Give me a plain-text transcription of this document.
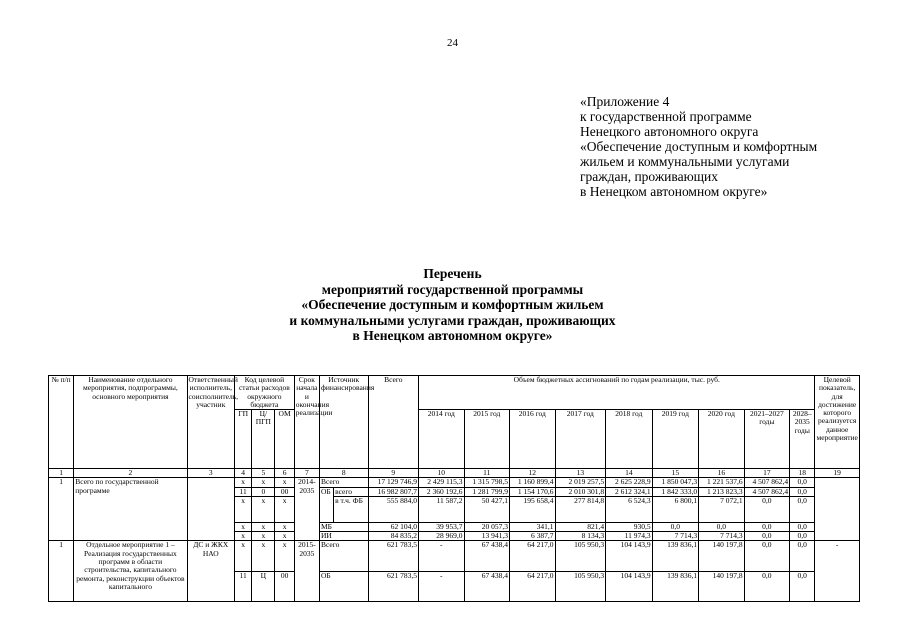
24
«Приложение 4
к государственной программе
Ненецкого автономного округа
«Обеспечение доступным и комфортным
жильем и коммунальными услугами
граждан, проживающих
в Ненецком автономном округе»
Перечень
мероприятий государственной программы
«Обеспечение доступным и комфортным жильем
и коммунальными услугами граждан, проживающих
в Ненецком автономном округе»
№ п/п	Наименование отдельного мероприятия, подпрограммы, основного мероприятия	Ответственный исполнитель, соисполнитель, участник	Код целевой статьи расходов окружного бюджета			Срок начала и окончания реализации	Источник финансирования		Всего	Объем бюджетных ассигнований по годам реализации, тыс. руб.									Целевой показатель, для достижение которого реализуется данное мероприятие
			ГП	Ц/ПГП	ОМ					2014 год	2015 год	2016 год	2017 год	2018 год	2019 год	2020 год	2021–2027 годы	2028–2035 годы	

1	2	3	4	5	6	7	8		9	10	11	12	13	14	15	16	17	18	19
1	Всего по государственной программе		х	х	х	2014-2035	Всего		17 129 746,9	2 429 115,3	1 315 798,5	1 160 899,4	2 019 257,5	2 625 228,9	1 850 047,3	1 221 537,6	4 507 862,4	0,0	
			11	0	00		ОБ	всего	16 982 807,7	2 360 192,6	1 281 799,9	1 154 170,6	2 010 301,8	2 612 324,1	1 842 333,0	1 213 823,3	4 507 862,4	0,0	
			х	х	х			в т.ч. ФБ	555 884,0	11 587,2	50 427,1	195 658,4	277 814,8	6 524,3	6 800,1	7 072,1	0,0	0,0	
			х	х	х		МБ		62 104,0	39 953,7	20 057,3	341,1	821,4	930,5	0,0	0,0	0,0	0,0	
			х	х	х		ИИ		84 835,2	28 969,0	13 941,3	6 387,7	8 134,3	11 974,3	7 714,3	7 714,3	0,0	0,0	
1	Отдельное мероприятие 1 – Реализация государственных программ в области строительства, капитального ремонта, реконструкции объектов капитального	ДС и ЖКХ НАО	х	х	х	2015-2035	Всего		621 783,5	-	67 438,4	64 217,0	105 950,3	104 143,9	139 836,1	140 197,8	0,0	0,0	-
			11	Ц	00		ОБ		621 783,5	-	67 438,4	64 217,0	105 950,3	104 143,9	139 836,1	140 197,8	0,0	0,0	
